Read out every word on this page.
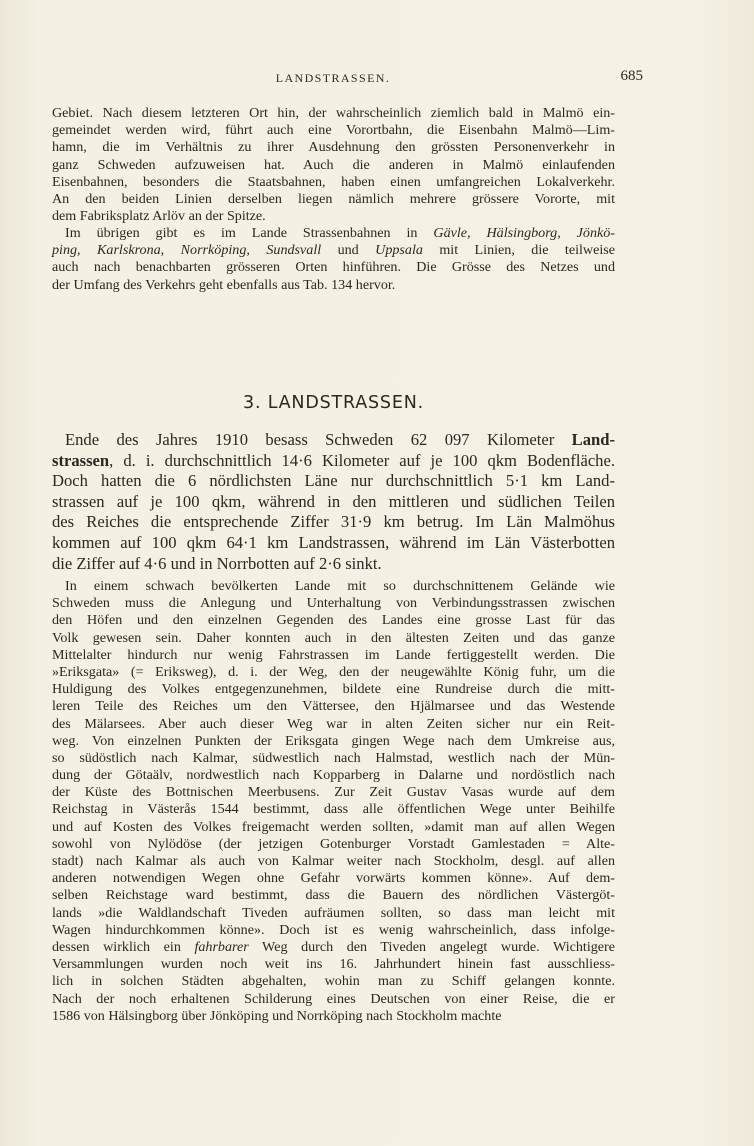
LANDSTRASSEN.	685
Gebiet. Nach diesem letzteren Ort hin, der wahrscheinlich ziemlich bald in Malmö ein-
gemeindet werden wird, führt auch eine Vorortbahn, die Eisenbahn Malmö—Lim-
hamn, die im Verhältnis zu ihrer Ausdehnung den grössten Personenverkehr in
ganz Schweden aufzuweisen hat. Auch die anderen in Malmö einlaufenden
Eisenbahnen, besonders die Staatsbahnen, haben einen umfangreichen Lokalverkehr.
An den beiden Linien derselben liegen nämlich mehrere grössere Vororte, mit
dem Fabriksplatz Arlöv an der Spitze.
Im übrigen gibt es im Lande Strassenbahnen in Gävle, Hälsingborg, Jönkö-
ping, Karlskrona, Norrköping, Sundsvall und Uppsala mit Linien, die teilweise
auch nach benachbarten grösseren Orten hinführen. Die Grösse des Netzes und
der Umfang des Verkehrs geht ebenfalls aus Tab. 134 hervor.
3. LANDSTRASSEN.
Ende des Jahres 1910 besass Schweden 62 097 Kilometer Land-
strassen, d. i. durchschnittlich 14·6 Kilometer auf je 100 qkm Bodenfläche.
Doch hatten die 6 nördlichsten Läne nur durchschnittlich 5·1 km Land-
strassen auf je 100 qkm, während in den mittleren und südlichen Teilen
des Reiches die entsprechende Ziffer 31·9 km betrug. Im Län Malmöhus
kommen auf 100 qkm 64·1 km Landstrassen, während im Län Västerbotten
die Ziffer auf 4·6 und in Norrbotten auf 2·6 sinkt.
In einem schwach bevölkerten Lande mit so durchschnittenem Gelände wie
Schweden muss die Anlegung und Unterhaltung von Verbindungsstrassen zwischen
den Höfen und den einzelnen Gegenden des Landes eine grosse Last für das
Volk gewesen sein. Daher konnten auch in den ältesten Zeiten und das ganze
Mittelalter hindurch nur wenig Fahrstrassen im Lande fertiggestellt werden. Die
»Eriksgata» (= Eriksweg), d. i. der Weg, den der neugewählte König fuhr, um die
Huldigung des Volkes entgegenzunehmen, bildete eine Rundreise durch die mitt-
leren Teile des Reiches um den Vättersee, den Hjälmarsee und das Westende
des Mälarsees. Aber auch dieser Weg war in alten Zeiten sicher nur ein Reit-
weg. Von einzelnen Punkten der Eriksgata gingen Wege nach dem Umkreise aus,
so südöstlich nach Kalmar, südwestlich nach Halmstad, westlich nach der Mün-
dung der Götaälv, nordwestlich nach Kopparberg in Dalarne und nordöstlich nach
der Küste des Bottnischen Meerbusens. Zur Zeit Gustav Vasas wurde auf dem
Reichstag in Västerås 1544 bestimmt, dass alle öffentlichen Wege unter Beihilfe
und auf Kosten des Volkes freigemacht werden sollten, »damit man auf allen Wegen
sowohl von Nylödöse (der jetzigen Gotenburger Vorstadt Gamlestaden = Alte-
stadt) nach Kalmar als auch von Kalmar weiter nach Stockholm, desgl. auf allen
anderen notwendigen Wegen ohne Gefahr vorwärts kommen könne». Auf dem-
selben Reichstage ward bestimmt, dass die Bauern des nördlichen Västergöt-
lands »die Waldlandschaft Tiveden aufräumen sollten, so dass man leicht mit
Wagen hindurchkommen könne». Doch ist es wenig wahrscheinlich, dass infolge-
dessen wirklich ein fahrbarer Weg durch den Tiveden angelegt wurde. Wichtigere
Versammlungen wurden noch weit ins 16. Jahrhundert hinein fast ausschliess-
lich in solchen Städten abgehalten, wohin man zu Schiff gelangen konnte.
Nach der noch erhaltenen Schilderung eines Deutschen von einer Reise, die er
1586 von Hälsingborg über Jönköping und Norrköping nach Stockholm machte
